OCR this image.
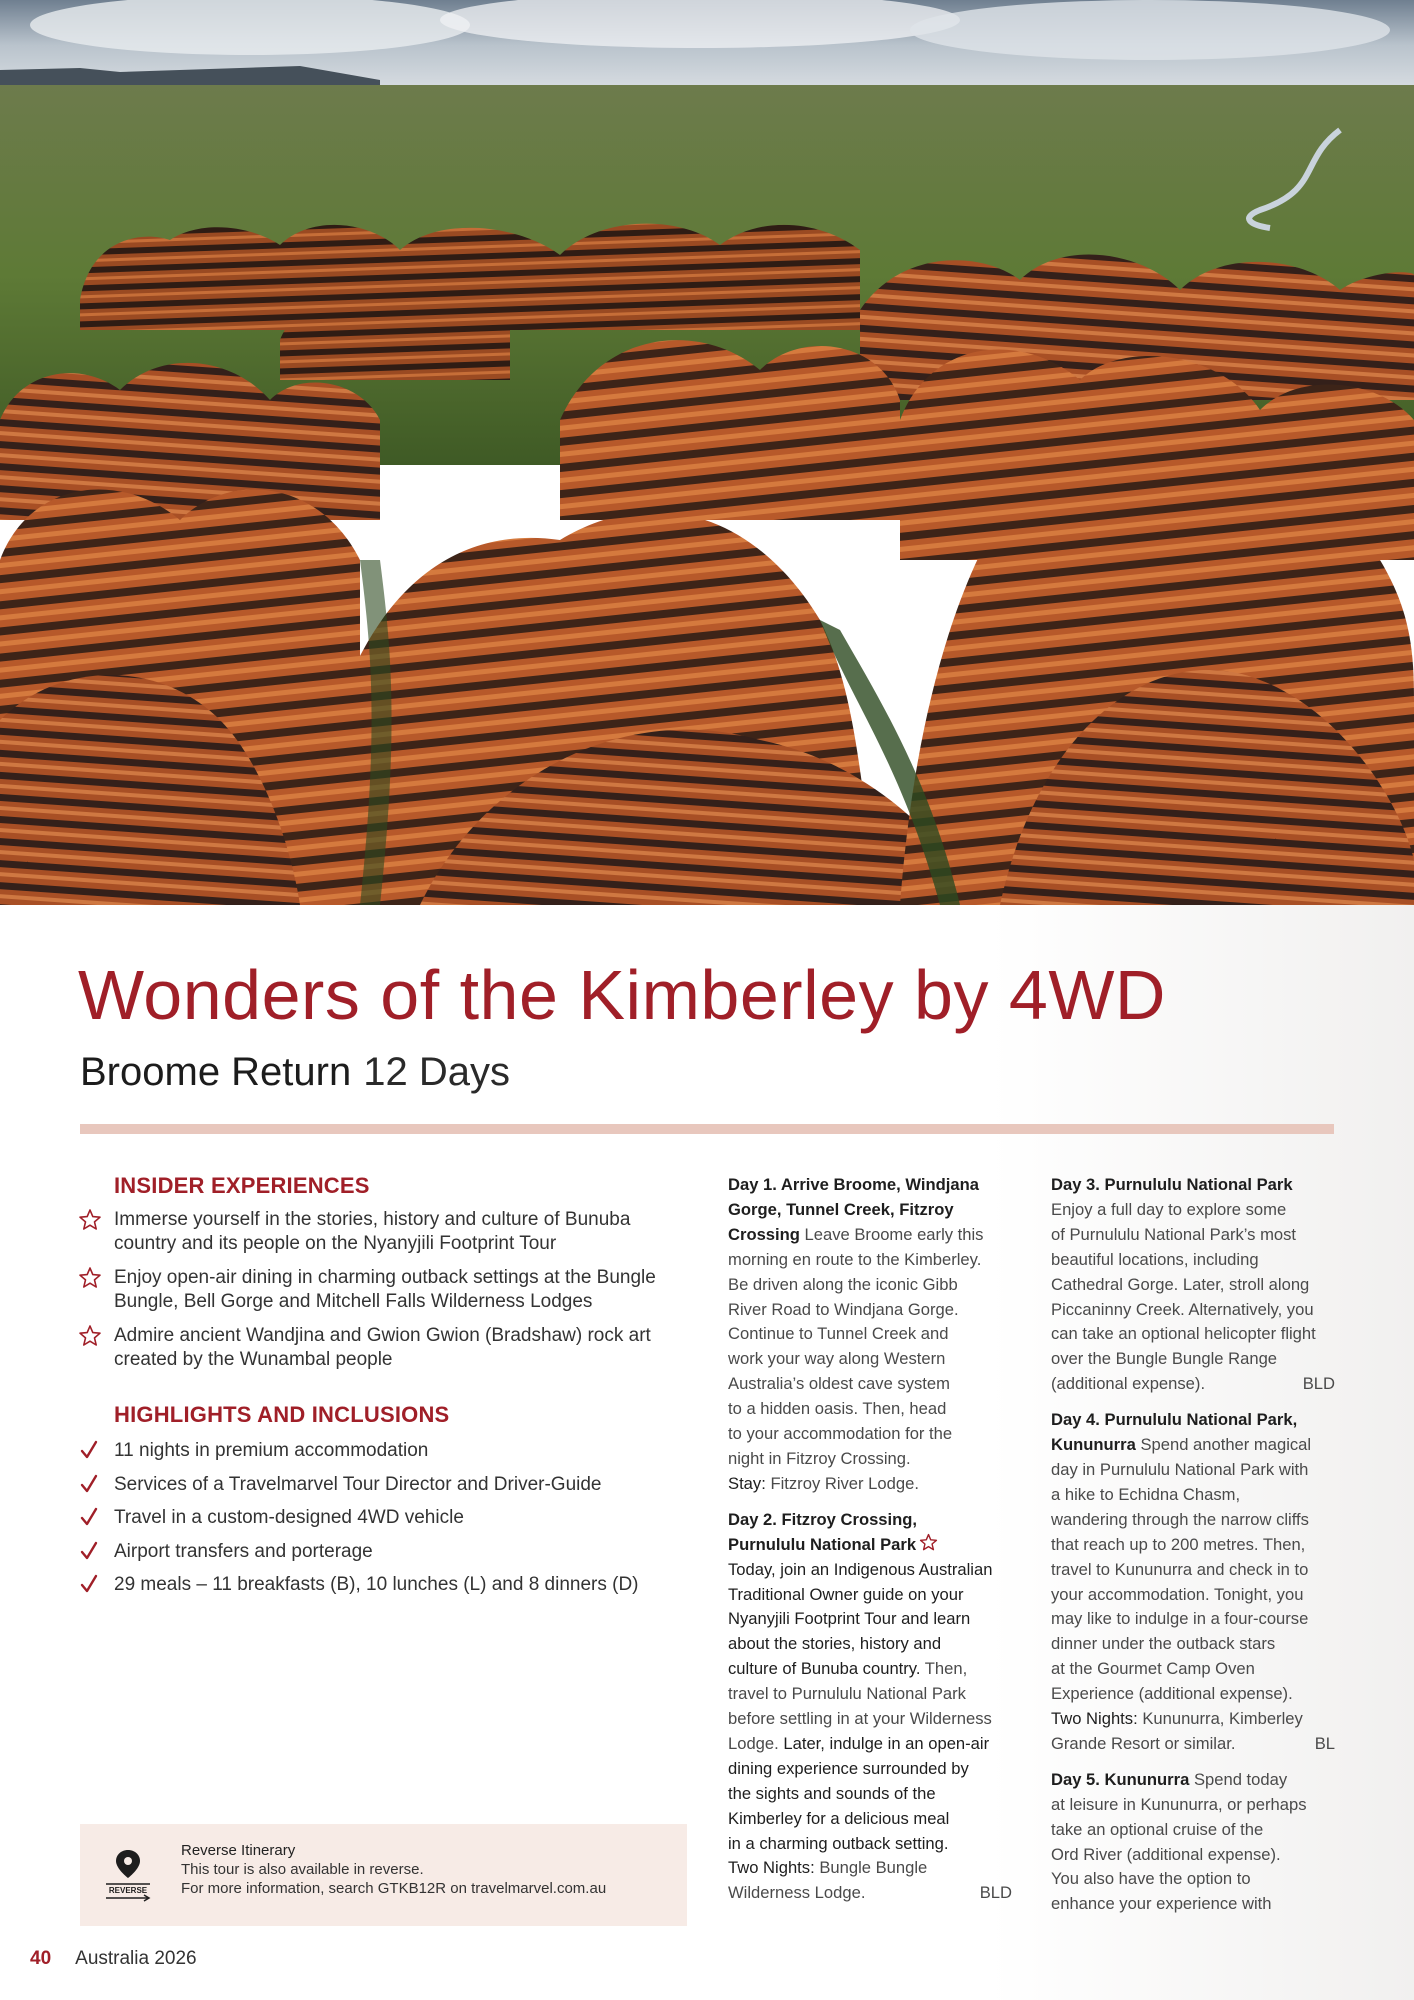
Wonders of the Kimberley by 4WD
Broome Return 12 Days
INSIDER EXPERIENCES
Immerse yourself in the stories, history and culture of Bunuba country and its people on the Nyanyjili Footprint Tour
Enjoy open-air dining in charming outback settings at the Bungle Bungle, Bell Gorge and Mitchell Falls Wilderness Lodges
Admire ancient Wandjina and Gwion Gwion (Bradshaw) rock art created by the Wunambal people
HIGHLIGHTS AND INCLUSIONS
11 nights in premium accommodation
Services of a Travelmarvel Tour Director and Driver-Guide
Travel in a custom-designed 4WD vehicle
Airport transfers and porterage
29 meals – 11 breakfasts (B), 10 lunches (L) and 8 dinners (D)
REVERSE
Reverse Itinerary
This tour is also available in reverse.
For more information, search GTKB12R on travelmarvel.com.au
40 Australia 2026
Day 1. Arrive Broome, Windjana
Gorge, Tunnel Creek, Fitzroy
Crossing Leave Broome early this
morning en route to the Kimberley.
Be driven along the iconic Gibb
River Road to Windjana Gorge.
Continue to Tunnel Creek and
work your way along Western
Australia’s oldest cave system
to a hidden oasis. Then, head
to your accommodation for the
night in Fitzroy Crossing.
Stay: Fitzroy River Lodge.
Day 2. Fitzroy Crossing,
Purnululu National Park
Today, join an Indigenous Australian
Traditional Owner guide on your
Nyanyjili Footprint Tour and learn
about the stories, history and
culture of Bunuba country. Then,
travel to Purnululu National Park
before settling in at your Wilderness
Lodge. Later, indulge in an open-air
dining experience surrounded by
the sights and sounds of the
Kimberley for a delicious meal
in a charming outback setting.
Two Nights: Bungle Bungle
Wilderness Lodge.	BLD
Day 3. Purnululu National Park
Enjoy a full day to explore some
of Purnululu National Park’s most
beautiful locations, including
Cathedral Gorge. Later, stroll along
Piccaninny Creek. Alternatively, you
can take an optional helicopter flight
over the Bungle Bungle Range
(additional expense).	BLD
Day 4. Purnululu National Park,
Kununurra Spend another magical
day in Purnululu National Park with
a hike to Echidna Chasm,
wandering through the narrow cliffs
that reach up to 200 metres. Then,
travel to Kununurra and check in to
your accommodation. Tonight, you
may like to indulge in a four-course
dinner under the outback stars
at the Gourmet Camp Oven
Experience (additional expense).
Two Nights: Kununurra, Kimberley
Grande Resort or similar.	BL
Day 5. Kununurra Spend today
at leisure in Kununurra, or perhaps
take an optional cruise of the
Ord River (additional expense).
You also have the option to
enhance your experience with
